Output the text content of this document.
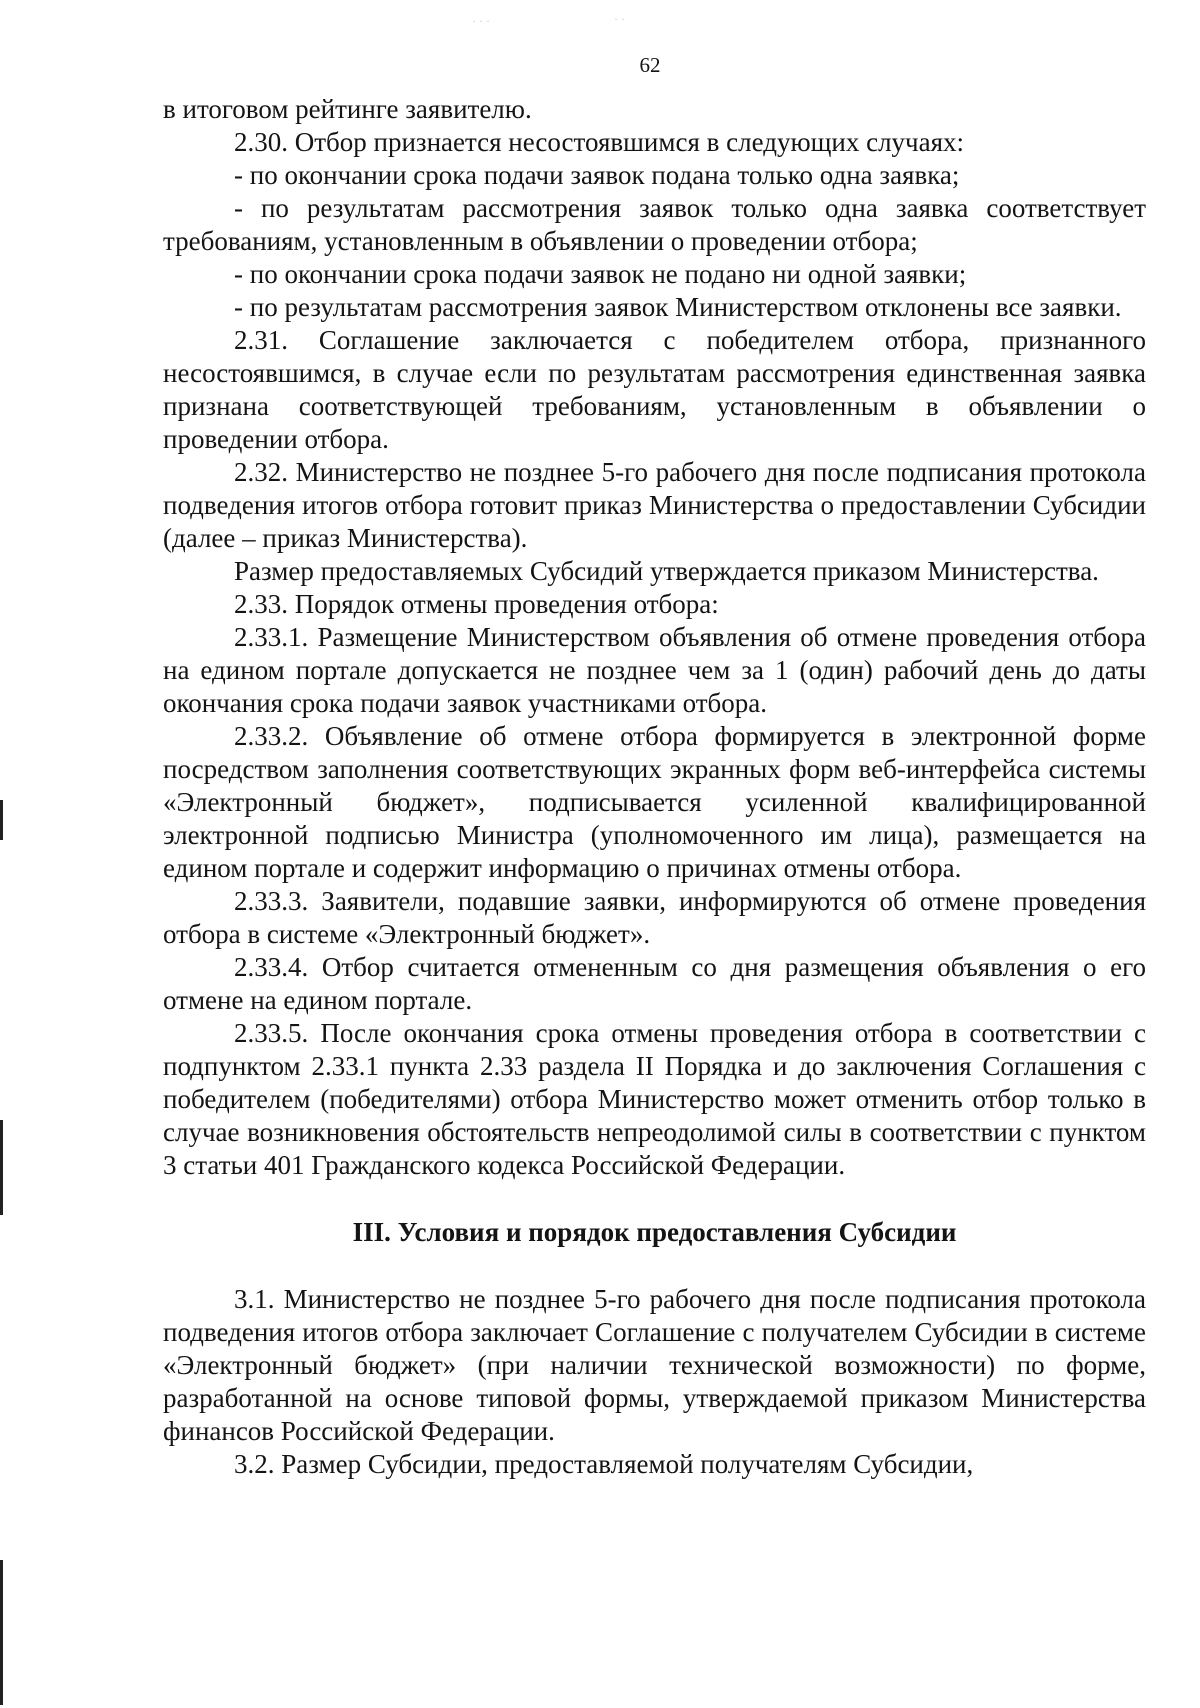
· · ·	· ·
62

в итоговом рейтинге заявителю.

2.30. Отбор признается несостоявшимся в следующих случаях:

- по окончании срока подачи заявок подана только одна заявка;

- по результатам рассмотрения заявок только одна заявка соответствует требованиям, установленным в объявлении о проведении отбора;

- по окончании срока подачи заявок не подано ни одной заявки;

- по результатам рассмотрения заявок Министерством отклонены все заявки.

2.31. Соглашение заключается с победителем отбора, признанного несостоявшимся, в случае если по результатам рассмотрения единственная заявка признана соответствующей требованиям, установленным в объявлении о проведении отбора.

2.32. Министерство не позднее 5-го рабочего дня после подписания протокола подведения итогов отбора готовит приказ Министерства о предоставлении Субсидии (далее – приказ Министерства).

Размер предоставляемых Субсидий утверждается приказом Министерства.

2.33. Порядок отмены проведения отбора:

2.33.1. Размещение Министерством объявления об отмене проведения отбора на едином портале допускается не позднее чем за 1 (один) рабочий день до даты окончания срока подачи заявок участниками отбора.

2.33.2. Объявление об отмене отбора формируется в электронной форме посредством заполнения соответствующих экранных форм веб-интерфейса системы «Электронный бюджет», подписывается усиленной квалифицированной электронной подписью Министра (уполномоченного им лица), размещается на едином портале и содержит информацию о причинах отмены отбора.

2.33.3. Заявители, подавшие заявки, информируются об отмене проведения отбора в системе «Электронный бюджет».

2.33.4. Отбор считается отмененным со дня размещения объявления о его отмене на едином портале.

2.33.5. После окончания срока отмены проведения отбора в соответствии с подпунктом 2.33.1 пункта 2.33 раздела II Порядка и до заключения Соглашения с победителем (победителями) отбора Министерство может отменить отбор только в случае возникновения обстоятельств непреодолимой силы в соответствии с пунктом 3 статьи 401 Гражданского кодекса Российской Федерации.

III. Условия и порядок предоставления Субсидии

3.1. Министерство не позднее 5-го рабочего дня после подписания протокола подведения итогов отбора заключает Соглашение с получателем Субсидии в системе «Электронный бюджет» (при наличии технической возможности) по форме, разработанной на основе типовой формы, утверждаемой приказом Министерства финансов Российской Федерации.

3.2. Размер Субсидии, предоставляемой получателям Субсидии,
